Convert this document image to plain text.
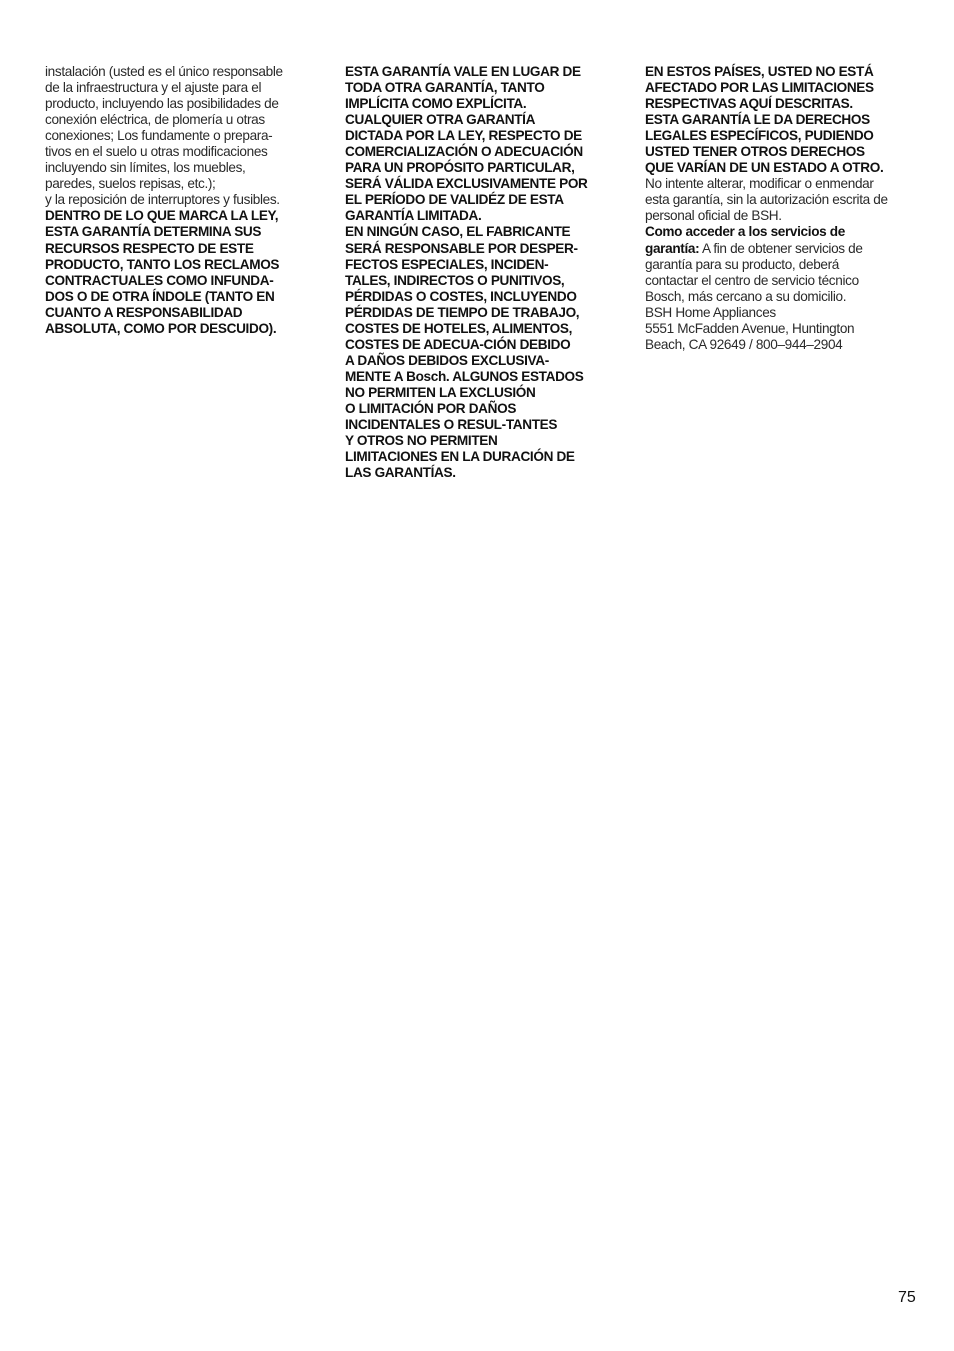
instalación (usted es el único responsable
de la infraestructura y el ajuste para el
producto, incluyendo las posibilidades de
conexión eléctrica, de plomería u otras
conexiones; Los fundamente o prepara-
tivos en el suelo u otras modificaciones
incluyendo sin límites, los muebles,
paredes, suelos repisas, etc.);
y la reposición de interruptores y fusibles.
DENTRO DE LO QUE MARCA LA LEY,
ESTA GARANTÍA DETERMINA SUS
RECURSOS RESPECTO DE ESTE
PRODUCTO, TANTO LOS RECLAMOS
CONTRACTUALES COMO INFUNDA-
DOS O DE OTRA ÍNDOLE (TANTO EN
CUANTO A RESPONSABILIDAD
ABSOLUTA, COMO POR DESCUIDO).
ESTA GARANTÍA VALE EN LUGAR DE
TODA OTRA GARANTÍA, TANTO
IMPLÍCITA COMO EXPLÍCITA.
CUALQUIER OTRA GARANTÍA
DICTADA POR LA LEY, RESPECTO DE
COMERCIALIZACIÓN O ADECUACIÓN
PARA UN PROPÓSITO PARTICULAR,
SERÁ VÁLIDA EXCLUSIVAMENTE POR
EL PERÍODO DE VALIDÉZ DE ESTA
GARANTÍA LIMITADA.
EN NINGÚN CASO, EL FABRICANTE
SERÁ RESPONSABLE POR DESPER-
FECTOS ESPECIALES, INCIDEN-
TALES, INDIRECTOS O PUNITIVOS,
PÉRDIDAS O COSTES, INCLUYENDO
PÉRDIDAS DE TIEMPO DE TRABAJO,
COSTES DE HOTELES, ALIMENTOS,
COSTES DE ADECUA-CIÓN DEBIDO
A DAÑOS DEBIDOS EXCLUSIVA-
MENTE A Bosch. ALGUNOS ESTADOS
NO PERMITEN LA EXCLUSIÓN
O LIMITACIÓN POR DAÑOS
INCIDENTALES O RESUL-TANTES
Y OTROS NO PERMITEN
LIMITACIONES EN LA DURACIÓN DE
LAS GARANTÍAS.
EN ESTOS PAÍSES, USTED NO ESTÁ
AFECTADO POR LAS LIMITACIONES
RESPECTIVAS AQUÍ DESCRITAS.
ESTA GARANTÍA LE DA DERECHOS
LEGALES ESPECÍFICOS, PUDIENDO
USTED TENER OTROS DERECHOS
QUE VARÍAN DE UN ESTADO A OTRO.
No intente alterar, modificar o enmendar
esta garantía, sin la autorización escrita de
personal oficial de BSH.
Como acceder a los servicios de
garantía: A fin de obtener servicios de
garantía para su producto, deberá
contactar el centro de servicio técnico
Bosch, más cercano a su domicilio.
BSH Home Appliances
5551 McFadden Avenue, Huntington
Beach, CA 92649 / 800–944–2904
75
